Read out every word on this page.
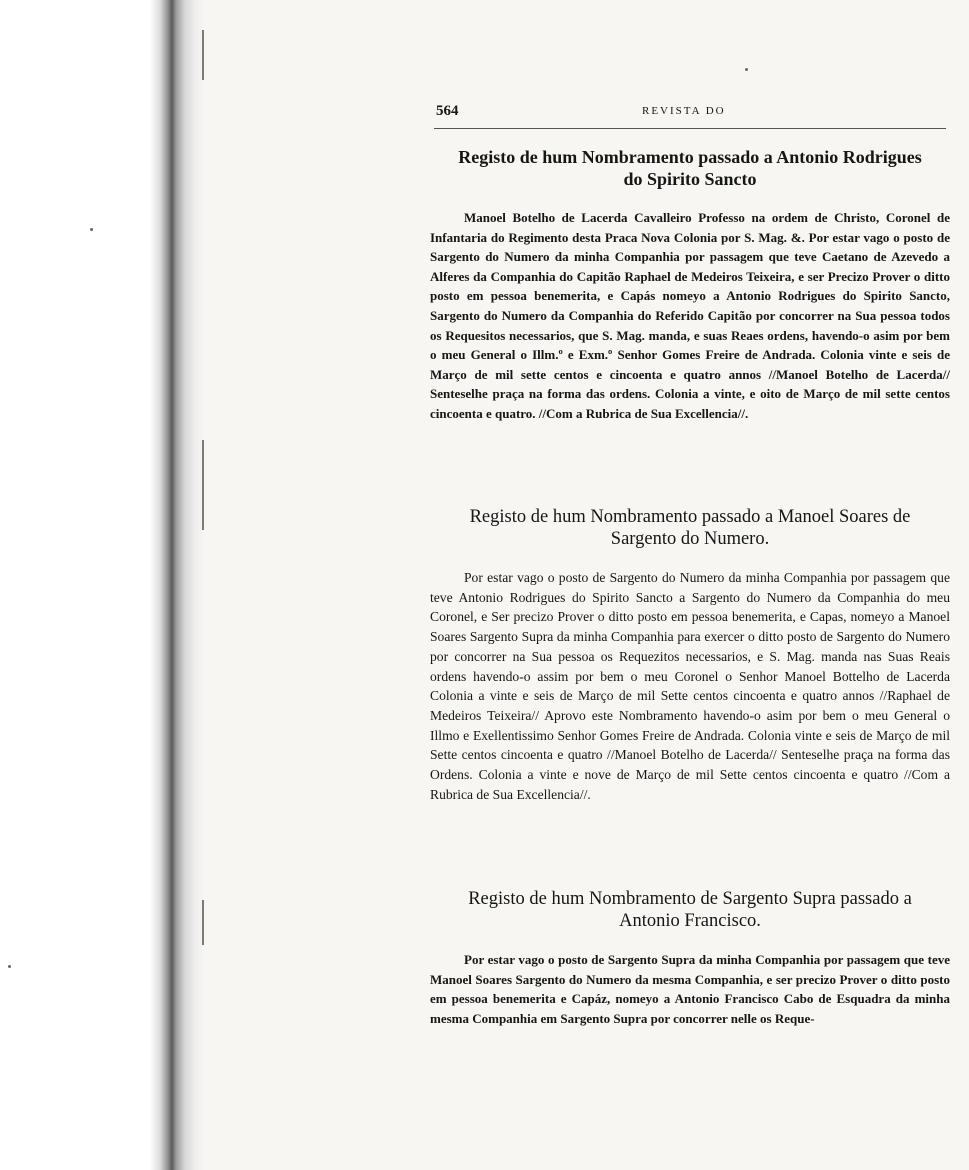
564	REVISTA DO
Registo de hum Nombramento passado a Antonio Rodrigues
do Spirito Sancto

Manoel Botelho de Lacerda Cavalleiro Professo na ordem de Christo, Coronel de Infantaria do Regimento desta Praca Nova Colonia por S. Mag. &. Por estar vago o posto de Sargento do Numero da minha Companhia por passagem que teve Caetano de Azevedo a Alferes da Companhia do Capitão Raphael de Medeiros Teixeira, e ser Precizo Prover o ditto posto em pessoa benemerita, e Capás nomeyo a Antonio Rodrigues do Spirito Sancto, Sargento do Numero da Companhia do Referido Capitão por concorrer na Sua pessoa todos os Requesitos necessarios, que S. Mag. manda, e suas Reaes ordens, havendo-o asim por bem o meu General o Illm.º e Exm.º Senhor Gomes Freire de Andrada. Colonia vinte e seis de Março de mil sette centos e cincoenta e quatro annos //Manoel Botelho de Lacerda// Senteselhe praça na forma das ordens. Colonia a vinte, e oito de Março de mil sette centos cincoenta e quatro. //Com a Rubrica de Sua Excellencia//.

Registo de hum Nombramento passado a Manoel Soares de
Sargento do Numero.

Por estar vago o posto de Sargento do Numero da minha Companhia por passagem que teve Antonio Rodrigues do Spirito Sancto a Sargento do Numero da Companhia do meu Coronel, e Ser precizo Prover o ditto posto em pessoa benemerita, e Capas, nomeyo a Manoel Soares Sargento Supra da minha Companhia para exercer o ditto posto de Sargento do Numero por concorrer na Sua pessoa os Requezitos necessarios, e S. Mag. manda nas Suas Reais ordens havendo-o assim por bem o meu Coronel o Senhor Manoel Bottelho de Lacerda Colonia a vinte e seis de Março de mil Sette centos cincoenta e quatro annos //Raphael de Medeiros Teixeira// Aprovo este Nombramento havendo-o asim por bem o meu General o Illmo e Exellentissimo Senhor Gomes Freire de Andrada. Colonia vinte e seis de Março de mil Sette centos cincoenta e quatro //Manoel Botelho de Lacerda// Senteselhe praça na forma das Ordens. Colonia a vinte e nove de Março de mil Sette centos cincoenta e quatro //Com a Rubrica de Sua Excellencia//.

Registo de hum Nombramento de Sargento Supra passado a
Antonio Francisco.

Por estar vago o posto de Sargento Supra da minha Companhia por passagem que teve Manoel Soares Sargento do Numero da mesma Companhia, e ser precizo Prover o ditto posto em pessoa benemerita e Capáz, nomeyo a Antonio Francisco Cabo de Esquadra da minha mesma Companhia em Sargento Supra por concorrer nelle os Reque-
